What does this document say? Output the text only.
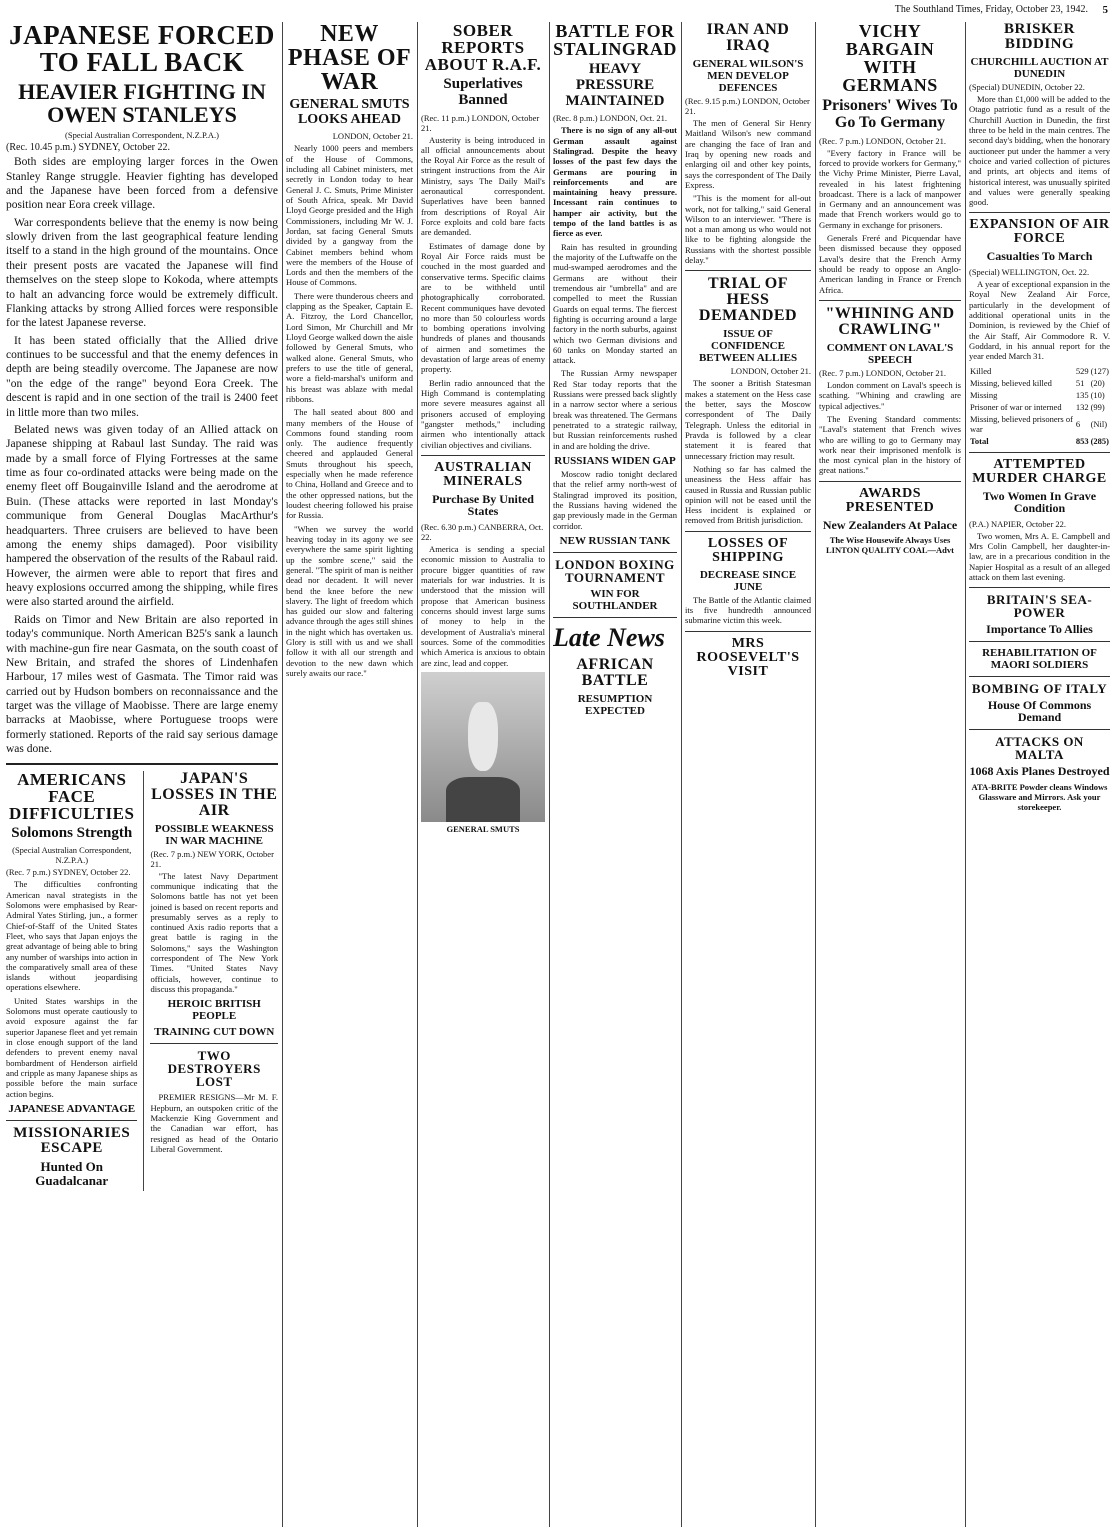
The Southland Times, Friday, October 23, 1942. 5
JAPANESE FORCED TO FALL BACK
HEAVIER FIGHTING IN OWEN STANLEYS
(Special Australian Correspondent, N.Z.P.A.)
(Rec. 10.45 p.m.) SYDNEY, October 22.

Both sides are employing larger forces in the Owen Stanley Range struggle. Heavier fighting has developed and the Japanese have been forced from a defensive position near Eora creek village.

War correspondents believe that the enemy is now being slowly driven from the last geographical feature lending itself to a stand in the high ground of the mountains. Once their present posts are vacated the Japanese will find themselves on the steep slope to Kokoda, where attempts to halt an advancing force would be extremely difficult. Flanking attacks by strong Allied forces were responsible for the latest Japanese reverse.

It has been stated officially that the Allied drive continues to be successful and that the enemy defences in depth are being steadily overcome. The Japanese are now "on the edge of the range" beyond Eora Creek. The descent is rapid and in one section of the trail is 2400 feet in little more than two miles.

Belated news was given today of an Allied attack on Japanese shipping at Rabaul last Sunday. The raid was made by a small force of Flying Fortresses at the same time as four co-ordinated attacks were being made on the enemy fleet off Bougainville Island and the aerodrome at Buin. (These attacks were reported in last Monday's communique from General Douglas MacArthur's headquarters. Three cruisers are believed to have been among the enemy ships damaged). Poor visibility hampered the observation of the results of the Rabaul raid. However, the airmen were able to report that fires and heavy explosions occurred among the shipping, while fires were also started around the airfield.

Raids on Timor and New Britain are also reported in today's communique. North American B25's sank a launch with machine-gun fire near Gasmata, on the south coast of New Britain, and strafed the shores of Lindenhafen Harbour, 17 miles west of Gasmata. The Timor raid was carried out by Hudson bombers on reconnaissance and the target was the village of Maobisse. There are large enemy barracks at Maobisse, where Portuguese troops were formerly stationed. Reports of the raid say serious damage was done.

AMERICANS FACE DIFFICULTIES
Solomons Strength
(Special Australian Correspondent, N.Z.P.A.)
(Rec. 7 p.m.) SYDNEY, October 22.

The difficulties confronting American naval strategists in the Solomons were emphasised by Rear-Admiral Yates Stirling, jun., a former Chief-of-Staff of the United States Fleet, who says that Japan enjoys the great advantage of being able to bring any number of warships into action in the comparatively small area of these islands without jeopardising operations elsewhere.

United States warships in the Solomons must operate cautiously to avoid exposure against the far superior Japanese fleet and yet remain in close enough support of the land defenders to prevent enemy naval bombardment of Henderson airfield and cripple as many Japanese ships as possible before the main surface action begins.

JAPANESE ADVANTAGE
MISSIONARIES ESCAPE
Hunted On Guadalcanar
JAPAN'S LOSSES IN THE AIR
POSSIBLE WEAKNESS IN WAR MACHINE
(Rec. 7 p.m.) NEW YORK, October 21.

"The latest Navy Department communique indicating that the Solomons battle has not yet been joined is based on recent reports and presumably serves as a reply to continued Axis radio reports that a great battle is raging in the Solomons," says the Washington correspondent of The New York Times. "United States Navy officials, however, continue to discuss this propaganda."

HEROIC BRITISH PEOPLE
TRAINING CUT DOWN
TWO DESTROYERS LOST

PREMIER RESIGNS—Mr M. F. Hepburn, an outspoken critic of the Mackenzie King Government and the Canadian war effort, has resigned as head of the Ontario Liberal Government.

NEW PHASE OF WAR
GENERAL SMUTS LOOKS AHEAD
LONDON, October 21.

Nearly 1000 peers and members of the House of Commons, including all Cabinet ministers, met secretly in London today to hear General J. C. Smuts, Prime Minister of South Africa, speak. Mr David Lloyd George presided and the High Commissioners, including Mr W. J. Jordan, sat facing General Smuts divided by a gangway from the Cabinet members behind whom were the members of the House of Lords and then the members of the House of Commons.

There were thunderous cheers and clapping as the Speaker, Captain E. A. Fitzroy, the Lord Chancellor, Lord Simon, Mr Churchill and Mr Lloyd George walked down the aisle followed by General Smuts, who walked alone. General Smuts, who prefers to use the title of general, wore a field-marshal's uniform and his breast was ablaze with medal ribbons.

The hall seated about 800 and many members of the House of Commons found standing room only. The audience frequently cheered and applauded General Smuts throughout his speech, especially when he made reference to China, Holland and Greece and to the other oppressed nations, but the loudest cheering followed his praise for Russia.

"When we survey the world heaving today in its agony we see everywhere the same spirit lighting up the sombre scene," said the general. "The spirit of man is neither dead nor decadent. It will never bend the knee before the new slavery. The light of freedom which has guided our slow and faltering advance through the ages still shines in the night which has overtaken us. Glory is still with us and we shall follow it with all our strength and devotion to the new dawn which surely awaits our race."

SOBER REPORTS ABOUT R.A.F.
Superlatives Banned
(Rec. 11 p.m.) LONDON, October 21.

Austerity is being introduced in all official announcements about the Royal Air Force as the result of stringent instructions from the Air Ministry, says The Daily Mail's aeronautical correspondent. Superlatives have been banned from descriptions of Royal Air Force exploits and cold bare facts are demanded.

Estimates of damage done by Royal Air Force raids must be couched in the most guarded and conservative terms. Specific claims are to be withheld until photographically corroborated. Recent communiques have devoted no more than 50 colourless words to bombing operations involving hundreds of planes and thousands of airmen and sometimes the devastation of large areas of enemy property.

Berlin radio announced that the High Command is contemplating more severe measures against all prisoners accused of employing "gangster methods," including airmen who intentionally attack civilian objectives and civilians.

AUSTRALIAN MINERALS
Purchase By United States
(Rec. 6.30 p.m.) CANBERRA, Oct. 22.

America is sending a special economic mission to Australia to procure bigger quantities of raw materials for war industries. It is understood that the mission will propose that American business concerns should invest large sums of money to help in the development of Australia's mineral sources. Some of the commodities which America is anxious to obtain are zinc, lead and copper.

GENERAL SMUTS
BATTLE FOR STALINGRAD
HEAVY PRESSURE MAINTAINED
(Rec. 8 p.m.) LONDON, Oct. 21.

There is no sign of any all-out German assault against Stalingrad. Despite the heavy losses of the past few days the Germans are pouring in reinforcements and are maintaining heavy pressure. Incessant rain continues to hamper air activity, but the tempo of the land battles is as fierce as ever.

Rain has resulted in grounding the majority of the Luftwaffe on the mud-swamped aerodromes and the Germans are without their tremendous air "umbrella" and are compelled to meet the Russian Guards on equal terms. The fiercest fighting is occurring around a large factory in the north suburbs, against which two German divisions and 60 tanks on Monday started an attack.

The Russian Army newspaper Red Star today reports that the Russians were pressed back slightly in a narrow sector where a serious break was threatened. The Germans penetrated to a strategic railway, but Russian reinforcements rushed in and are holding the drive.

RUSSIANS WIDEN GAP

Moscow radio tonight declared that the relief army north-west of Stalingrad improved its position, the Russians having widened the gap previously made in the German corridor.

NEW RUSSIAN TANK
LONDON BOXING TOURNAMENT
WIN FOR SOUTHLANDER
Late News
AFRICAN BATTLE
RESUMPTION EXPECTED
IRAN AND IRAQ
GENERAL WILSON'S MEN DEVELOP DEFENCES
(Rec. 9.15 p.m.) LONDON, October 21.

The men of General Sir Henry Maitland Wilson's new command are changing the face of Iran and Iraq by opening new roads and enlarging oil and other key points, says the correspondent of The Daily Express.

"This is the moment for all-out work, not for talking," said General Wilson to an interviewer. "There is not a man among us who would not like to be fighting alongside the Russians with the shortest possible delay."

TRIAL OF HESS DEMANDED
ISSUE OF CONFIDENCE BETWEEN ALLIES
LONDON, October 21.

The sooner a British Statesman makes a statement on the Hess case the better, says the Moscow correspondent of The Daily Telegraph. Unless the editorial in Pravda is followed by a clear statement it is feared that unnecessary friction may result.

Nothing so far has calmed the uneasiness the Hess affair has caused in Russia and Russian public opinion will not be eased until the Hess incident is explained or removed from British jurisdiction.

LOSSES OF SHIPPING
DECREASE SINCE JUNE

The Battle of the Atlantic claimed its five hundredth announced submarine victim this week.

MRS ROOSEVELT'S VISIT
VICHY BARGAIN WITH GERMANS
Prisoners' Wives To Go To Germany
(Rec. 7 p.m.) LONDON, October 21.

"Every factory in France will be forced to provide workers for Germany," the Vichy Prime Minister, Pierre Laval, revealed in his latest frightening broadcast. There is a lack of manpower in Germany and an announcement was made that French workers would go to Germany in exchange for prisoners.

Generals Freré and Picquendar have been dismissed because they opposed Laval's desire that the French Army should be ready to oppose an Anglo-American landing in France or French Africa.

"WHINING AND CRAWLING"
COMMENT ON LAVAL'S SPEECH
(Rec. 7 p.m.) LONDON, October 21.

London comment on Laval's speech is scathing. "Whining and crawling are typical adjectives."

The Evening Standard comments: "Laval's statement that French wives who are willing to go to Germany may work near their imprisoned menfolk is the most cynical plan in the history of great nations."

AWARDS PRESENTED
New Zealanders At Palace
The Wise Housewife Always Uses LINTON QUALITY COAL—Advt
BRISKER BIDDING
CHURCHILL AUCTION AT DUNEDIN
(Special) DUNEDIN, October 22.

More than £1,000 will be added to the Otago patriotic fund as a result of the Churchill Auction in Dunedin, the first three to be held in the main centres. The second day's bidding, when the honorary auctioneer put under the hammer a very choice and varied collection of pictures and prints, art objects and items of historical interest, was unusually spirited and values were generally speaking good.

EXPANSION OF AIR FORCE
Casualties To March
(Special) WELLINGTON, Oct. 22.

A year of exceptional expansion in the Royal New Zealand Air Force, particularly in the development of additional operational units in the Dominion, is reviewed by the Chief of the Air Staff, Air Commodore R. V. Goddard, in his annual report for the year ended March 31.

Killed	529	(127)
Missing, believed killed	51	(20)
Missing	135	(10)
Prisoner of war or interned	132	(99)
Missing, believed prisoners of war	6	(Nil)
Total	853	(285)
ATTEMPTED MURDER CHARGE
Two Women In Grave Condition
(P.A.) NAPIER, October 22.

Two women, Mrs A. E. Campbell and Mrs Colin Campbell, her daughter-in-law, are in a precarious condition in the Napier Hospital as a result of an alleged attack on them last evening.

BRITAIN'S SEA-POWER
Importance To Allies
REHABILITATION OF MAORI SOLDIERS
BOMBING OF ITALY
House Of Commons Demand
ATTACKS ON MALTA
1068 Axis Planes Destroyed
ATA-BRITE Powder cleans Windows Glassware and Mirrors. Ask your storekeeper.
